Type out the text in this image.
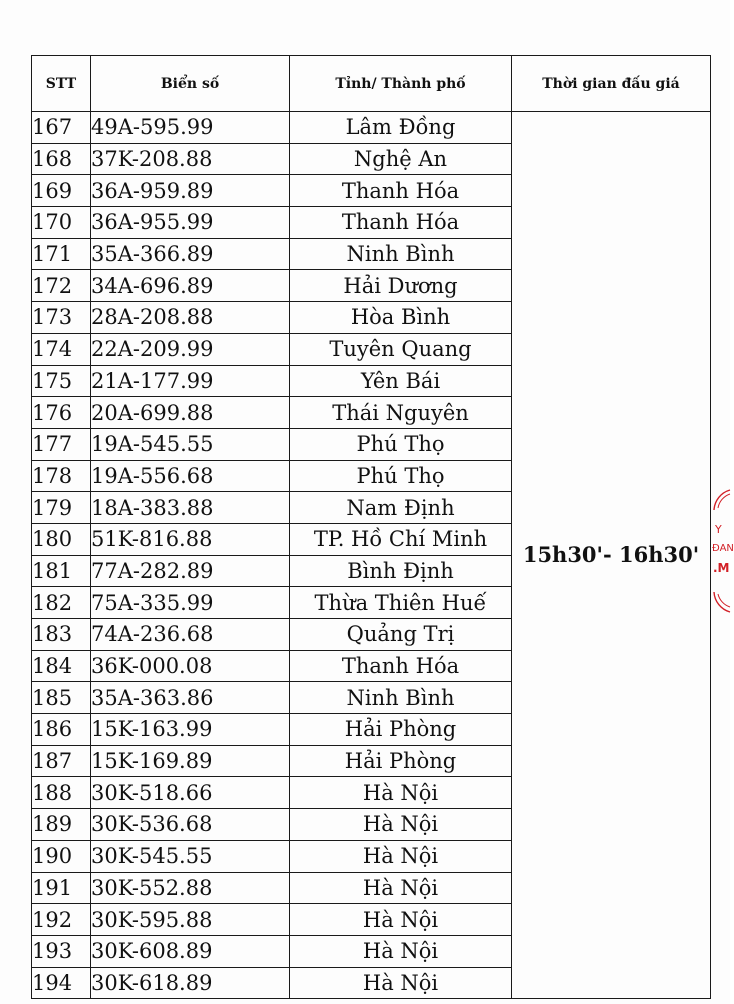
STT	Biển số	Tỉnh/ Thành phố	Thời gian đấu giá
167	49A-595.99	Lâm Đồng	15h30'- 16h30'
168	37K-208.88	Nghệ An	
169	36A-959.89	Thanh Hóa	
170	36A-955.99	Thanh Hóa	
171	35A-366.89	Ninh Bình	
172	34A-696.89	Hải Dương	
173	28A-208.88	Hòa Bình	
174	22A-209.99	Tuyên Quang	
175	21A-177.99	Yên Bái	
176	20A-699.88	Thái Nguyên	
177	19A-545.55	Phú Thọ	
178	19A-556.68	Phú Thọ	
179	18A-383.88	Nam Định	
180	51K-816.88	TP. Hồ Chí Minh	
181	77A-282.89	Bình Định	
182	75A-335.99	Thừa Thiên Huế	
183	74A-236.68	Quảng Trị	
184	36K-000.08	Thanh Hóa	
185	35A-363.86	Ninh Bình	
186	15K-163.99	Hải Phòng	
187	15K-169.89	Hải Phòng	
188	30K-518.66	Hà Nội	
189	30K-536.68	Hà Nội	
190	30K-545.55	Hà Nội	
191	30K-552.88	Hà Nội	
192	30K-595.88	Hà Nội	
193	30K-608.89	Hà Nội	
194	30K-618.89	Hà Nội	
Y
ĐAN
.M
